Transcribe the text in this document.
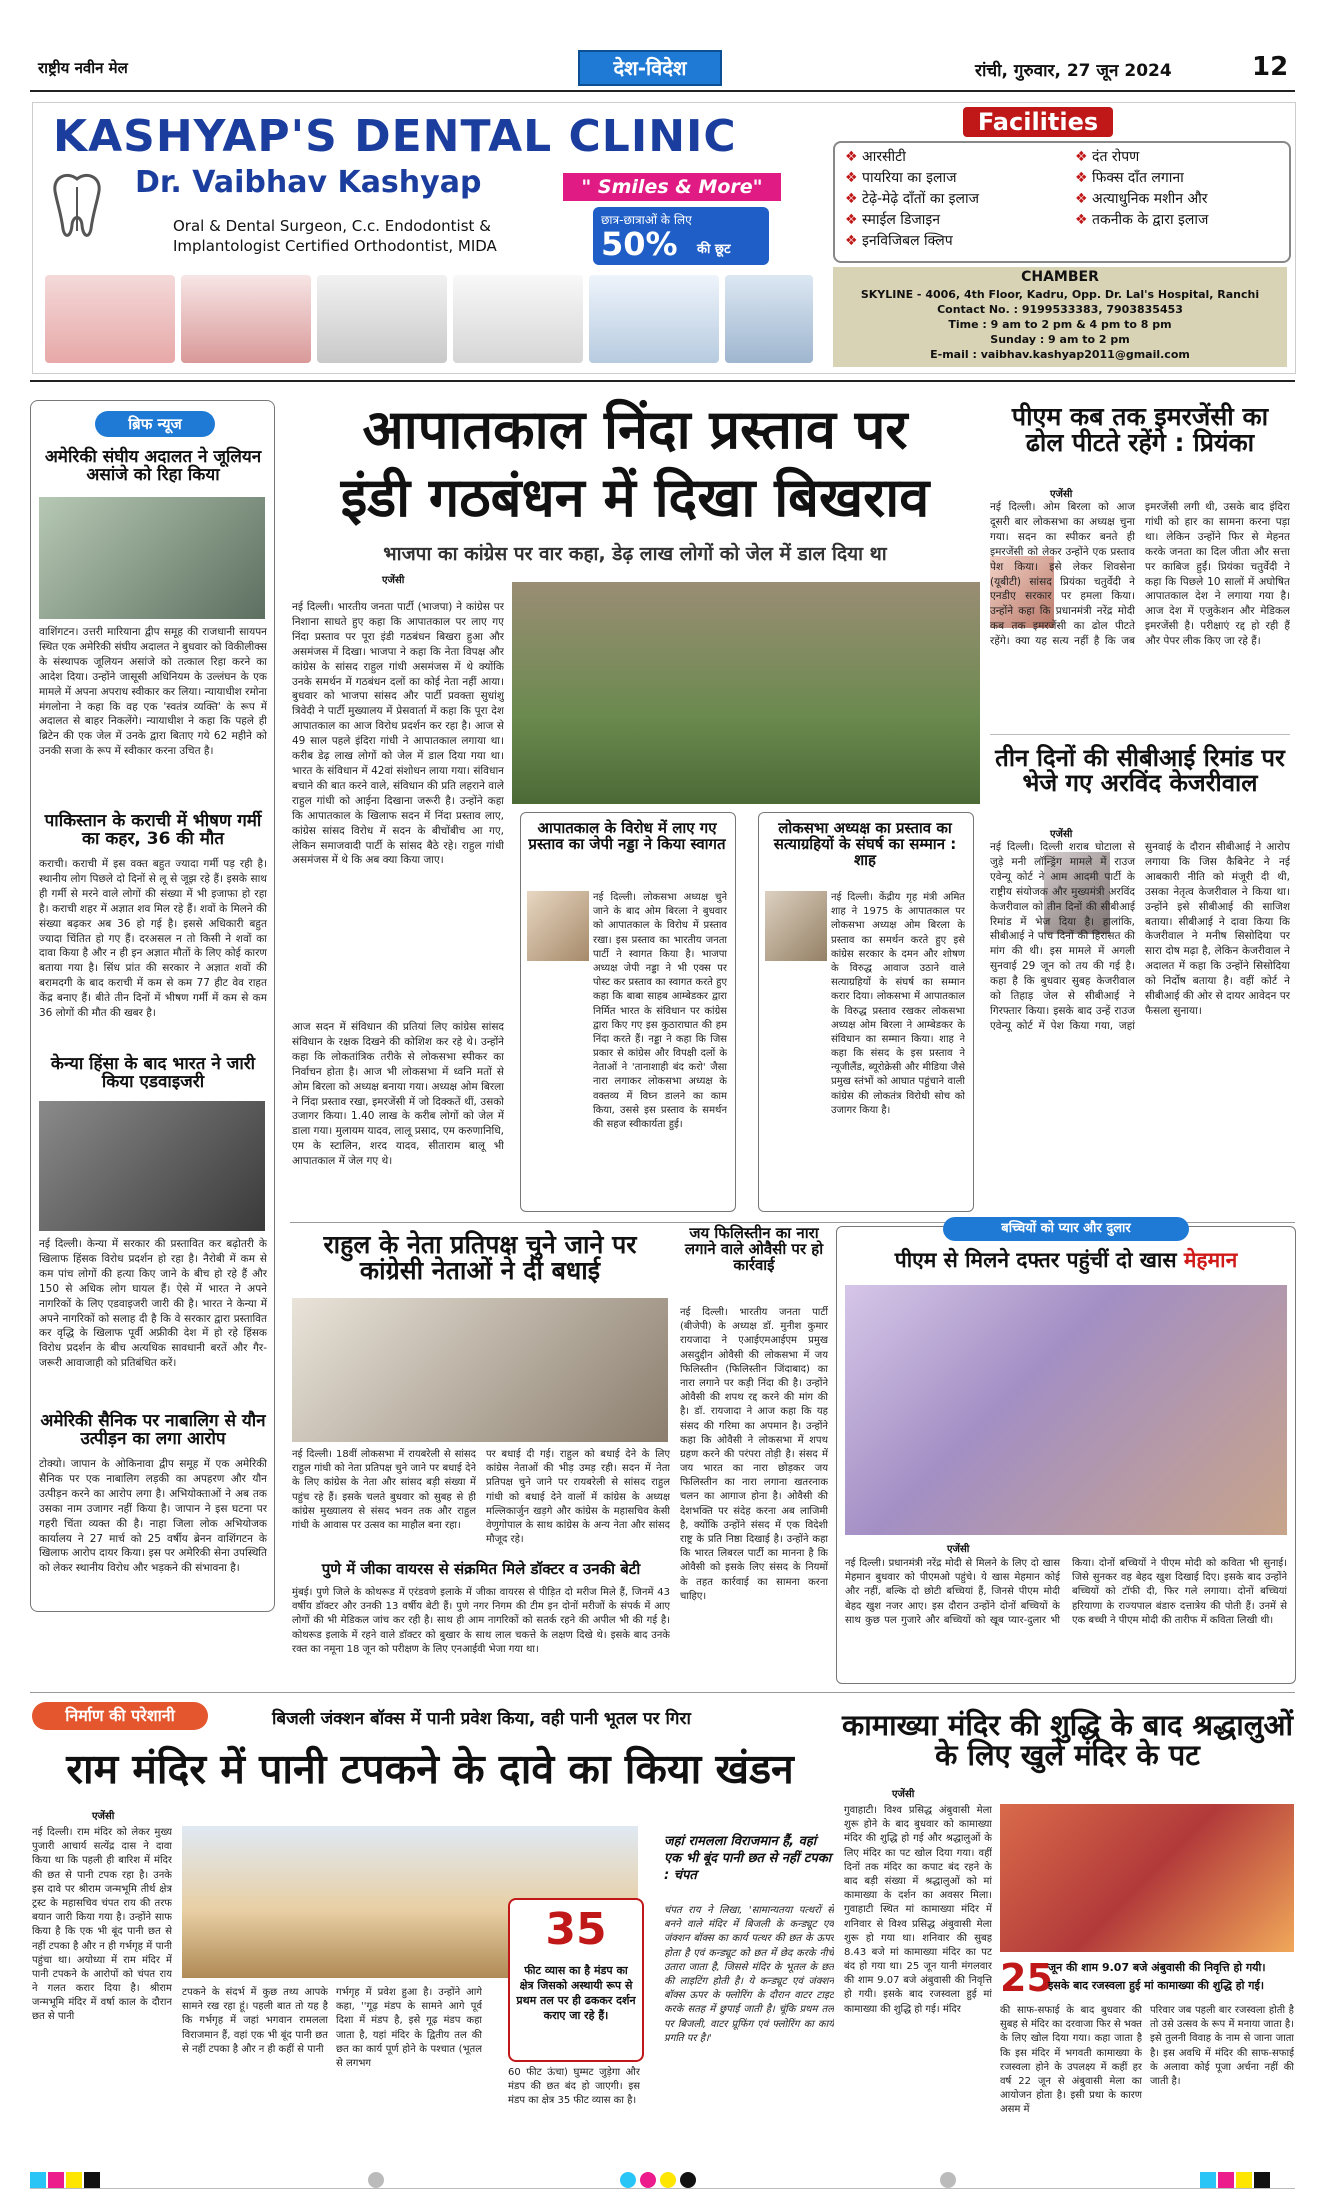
राष्ट्रीय नवीन मेल	देश-विदेश	रांची, गुरुवार, 27 जून 2024	12
KASHYAP'S DENTAL CLINIC
Dr. Vaibhav Kashyap	" Smiles & More"
Oral & Dental Surgeon, C.c. Endodontist &
Implantologist Certified Orthodontist, MIDA
छात्र-छात्राओं के लिए
50% की छूट
Facilities
❖ आरसीटी
❖ पायरिया का इलाज
❖ टेढ़े-मेढ़े दाँतों का इलाज
❖ स्माईल डिजाइन
❖ इनविजिबल क्लिप
❖ दंत रोपण
❖ फिक्स दाँत लगाना
❖ अत्याधुनिक मशीन और
❖ तकनीक के द्वारा इलाज
CHAMBER
SKYLINE - 4006, 4th Floor, Kadru, Opp. Dr. Lal's Hospital, Ranchi
Contact No. : 9199533383, 7903835453
Time : 9 am to 2 pm & 4 pm to 8 pm
Sunday : 9 am to 2 pm
E-mail : vaibhav.kashyap2011@gmail.com
ब्रिफ न्यूज
अमेरिकी संघीय अदालत ने जूलियन असांजे को रिहा किया
वाशिंगटन। उत्तरी मारियाना द्वीप समूह की राजधानी सायपन स्थित एक अमेरिकी संघीय अदालत ने बुधवार को विकीलीक्स के संस्थापक जूलियन असांजे को तत्काल रिहा करने का आदेश दिया। उन्होंने जासूसी अधिनियम के उल्लंघन के एक मामले में अपना अपराध स्वीकार कर लिया। न्यायाधीश रमोना मंगलोना ने कहा कि वह एक 'स्वतंत्र व्यक्ति' के रूप में अदालत से बाहर निकलेंगे। न्यायाधीश ने कहा कि पहले ही ब्रिटेन की एक जेल में उनके द्वारा बिताए गये 62 महीने को उनकी सजा के रूप में स्वीकार करना उचित है।
पाकिस्तान के कराची में भीषण गर्मी का कहर, 36 की मौत
कराची। कराची में इस वक्त बहुत ज्यादा गर्मी पड़ रही है। स्थानीय लोग पिछले दो दिनों से लू से जूझ रहे हैं। इसके साथ ही गर्मी से मरने वाले लोगों की संख्या में भी इजाफा हो रहा है। कराची शहर में अज्ञात शव मिल रहे हैं। शवों के मिलने की संख्या बढ़कर अब 36 हो गई है। इससे अधिकारी बहुत ज्यादा चिंतित हो गए हैं। दरअसल न तो किसी ने शवों का दावा किया है और न ही इन अज्ञात मौतों के लिए कोई कारण बताया गया है। सिंध प्रांत की सरकार ने अज्ञात शवों की बरामदगी के बाद कराची में कम से कम 77 हीट वेव राहत केंद्र बनाए हैं। बीते तीन दिनों में भीषण गर्मी में कम से कम 36 लोगों की मौत की खबर है।
केन्या हिंसा के बाद भारत ने जारी किया एडवाइजरी
नई दिल्ली। केन्या में सरकार की प्रस्तावित कर बढ़ोतरी के खिलाफ हिंसक विरोध प्रदर्शन हो रहा है। नैरोबी में कम से कम पांच लोगों की हत्या किए जाने के बीच हो रहे हैं और 150 से अधिक लोग घायल हैं। ऐसे में भारत ने अपने नागरिकों के लिए एडवाइजरी जारी की है। भारत ने केन्या में अपने नागरिकों को सलाह दी है कि वे सरकार द्वारा प्रस्तावित कर वृद्धि के खिलाफ पूर्वी अफ्रीकी देश में हो रहे हिंसक विरोध प्रदर्शन के बीच अत्यधिक सावधानी बरतें और गैर-जरूरी आवाजाही को प्रतिबंधित करें।
अमेरिकी सैनिक पर नाबालिग से यौन उत्पीड़न का लगा आरोप
टोक्यो। जापान के ओकिनावा द्वीप समूह में एक अमेरिकी सैनिक पर एक नाबालिग लड़की का अपहरण और यौन उत्पीड़न करने का आरोप लगा है। अभियोक्ताओं ने अब तक उसका नाम उजागर नहीं किया है। जापान ने इस घटना पर गहरी चिंता व्यक्त की है। नाहा जिला लोक अभियोजक कार्यालय ने 27 मार्च को 25 वर्षीय ब्रेनन वाशिंगटन के खिलाफ आरोप दायर किया। इस पर अमेरिकी सेना उपस्थिति को लेकर स्थानीय विरोध और भड़कने की संभावना है।
आपातकाल निंदा प्रस्ताव पर
इंडी गठबंधन में दिखा बिखराव
भाजपा का कांग्रेस पर वार कहा, डेढ़ लाख लोगों को जेल में डाल दिया था
एजेंसी
नई दिल्ली। भारतीय जनता पार्टी (भाजपा) ने कांग्रेस पर निशाना साधते हुए कहा कि आपातकाल पर लाए गए निंदा प्रस्ताव पर पूरा इंडी गठबंधन बिखरा हुआ और असमंजस में दिखा। भाजपा ने कहा कि नेता विपक्ष और कांग्रेस के सांसद राहुल गांधी असमंजस में थे क्योंकि उनके समर्थन में गठबंधन दलों का कोई नेता नहीं आया। बुधवार को भाजपा सांसद और पार्टी प्रवक्ता सुधांशु त्रिवेदी ने पार्टी मुख्यालय में प्रेसवार्ता में कहा कि पूरा देश आपातकाल का आज विरोध प्रदर्शन कर रहा है। आज से 49 साल पहले इंदिरा गांधी ने आपातकाल लगाया था। करीब डेढ़ लाख लोगों को जेल में डाल दिया गया था। भारत के संविधान में 42वां संशोधन लाया गया। संविधान बचाने की बात करने वाले, संविधान की प्रति लहराने वाले राहुल गांधी को आईना दिखाना जरूरी है। उन्होंने कहा कि आपातकाल के खिलाफ सदन में निंदा प्रस्ताव लाए, कांग्रेस सांसद विरोध में सदन के बीचोंबीच आ गए, लेकिन समाजवादी पार्टी के सांसद बैठे रहे। राहुल गांधी असमंजस में थे कि अब क्या किया जाए।
आज सदन में संविधान की प्रतियां लिए कांग्रेस सांसद संविधान के रक्षक दिखने की कोशिश कर रहे थे। उन्होंने कहा कि लोकतांत्रिक तरीके से लोकसभा स्पीकर का निर्वाचन होता है। आज भी लोकसभा में ध्वनि मतों से ओम बिरला को अध्यक्ष बनाया गया। अध्यक्ष ओम बिरला ने निंदा प्रस्ताव रखा, इमरजेंसी में जो दिक्कतें थीं, उसको उजागर किया। 1.40 लाख के करीब लोगों को जेल में डाला गया। मुलायम यादव, लालू प्रसाद, एम करुणानिधि, एम के स्टालिन, शरद यादव, सीताराम बालू भी आपातकाल में जेल गए थे।
आपातकाल के विरोध में लाए गए प्रस्ताव का जेपी नड्डा ने किया स्वागत
नई दिल्ली। लोकसभा अध्यक्ष चुने जाने के बाद ओम बिरला ने बुधवार को आपातकाल के विरोध में प्रस्ताव रखा। इस प्रस्ताव का भारतीय जनता पार्टी ने स्वागत किया है। भाजपा अध्यक्ष जेपी नड्डा ने भी एक्स पर पोस्ट कर प्रस्ताव का स्वागत करते हुए कहा कि बाबा साहब आम्बेडकर द्वारा निर्मित भारत के संविधान पर कांग्रेस द्वारा किए गए इस कुठाराघात की हम निंदा करते हैं। नड्डा ने कहा कि जिस प्रकार से कांग्रेस और विपक्षी दलों के नेताओं ने 'तानाशाही बंद करो' जैसा नारा लगाकर लोकसभा अध्यक्ष के वक्तव्य में विघ्न डालने का काम किया, उससे इस प्रस्ताव के समर्थन की सहज स्वीकार्यता हुई।
लोकसभा अध्यक्ष का प्रस्ताव का सत्याग्रहियों के संघर्ष का सम्मान : शाह
नई दिल्ली। केंद्रीय गृह मंत्री अमित शाह ने 1975 के आपातकाल पर लोकसभा अध्यक्ष ओम बिरला के प्रस्ताव का समर्थन करते हुए इसे कांग्रेस सरकार के दमन और शोषण के विरुद्ध आवाज उठाने वाले सत्याग्रहियों के संघर्ष का सम्मान करार दिया। लोकसभा में आपातकाल के विरुद्ध प्रस्ताव रखकर लोकसभा अध्यक्ष ओम बिरला ने आम्बेडकर के संविधान का सम्मान किया। शाह ने कहा कि संसद के इस प्रस्ताव ने न्यूजीलैंड, ब्यूरोक्रेसी और मीडिया जैसे प्रमुख स्तंभों को आघात पहुंचाने वाली कांग्रेस की लोकतंत्र विरोधी सोच को उजागर किया है।
पीएम कब तक इमरजेंसी का ढोल पीटते रहेंगे : प्रियंका
एजेंसी
नई दिल्ली। ओम बिरला को आज दूसरी बार लोकसभा का अध्यक्ष चुना गया। सदन का स्पीकर बनते ही इमरजेंसी को लेकर उन्होंने एक प्रस्ताव पेश किया। इसे लेकर शिवसेना (यूबीटी) सांसद प्रियंका चतुर्वेदी ने एनडीए सरकार पर हमला किया। उन्होंने कहा कि प्रधानमंत्री नरेंद्र मोदी कब तक इमरजेंसी का ढोल पीटते रहेंगे। क्या यह सत्य नहीं है कि जब इमरजेंसी लगी थी, उसके बाद इंदिरा गांधी को हार का सामना करना पड़ा था। लेकिन उन्होंने फिर से मेहनत करके जनता का दिल जीता और सत्ता पर काबिज हुईं। प्रियंका चतुर्वेदी ने कहा कि पिछले 10 सालों में अघोषित आपातकाल देश ने लगाया गया है। आज देश में एजुकेशन और मेडिकल इमरजेंसी है। परीक्षाएं रद्द हो रही हैं और पेपर लीक किए जा रहे हैं।
तीन दिनों की सीबीआई रिमांड पर भेजे गए अरविंद केजरीवाल
एजेंसी
नई दिल्ली। दिल्ली शराब घोटाला से जुड़े मनी लॉन्ड्रिंग मामले में राउज एवेन्यू कोर्ट ने आम आदमी पार्टी के राष्ट्रीय संयोजक और मुख्यमंत्री अरविंद केजरीवाल को तीन दिनों की सीबीआई रिमांड में भेज दिया है। हालांकि, सीबीआई ने पांच दिनों की हिरासत की मांग की थी। इस मामले में अगली सुनवाई 29 जून को तय की गई है। कहा है कि बुधवार सुबह केजरीवाल को तिहाड़ जेल से सीबीआई ने गिरफ्तार किया। इसके बाद उन्हें राउज एवेन्यू कोर्ट में पेश किया गया, जहां सुनवाई के दौरान सीबीआई ने आरोप लगाया कि जिस कैबिनेट ने नई आबकारी नीति को मंजूरी दी थी, उसका नेतृत्व केजरीवाल ने किया था। उन्होंने इसे सीबीआई की साजिश बताया। सीबीआई ने दावा किया कि केजरीवाल ने मनीष सिसोदिया पर सारा दोष मढ़ा है, लेकिन केजरीवाल ने अदालत में कहा कि उन्होंने सिसोदिया को निर्दोष बताया है। वहीं कोर्ट ने सीबीआई की ओर से दायर आवेदन पर फैसला सुनाया।
राहुल के नेता प्रतिपक्ष चुने जाने पर कांग्रेसी नेताओं ने दी बधाई
नई दिल्ली। 18वीं लोकसभा में रायबरेली से सांसद राहुल गांधी को नेता प्रतिपक्ष चुने जाने पर बधाई देने के लिए कांग्रेस के नेता और सांसद बड़ी संख्या में पहुंच रहे हैं। इसके चलते बुधवार को सुबह से ही कांग्रेस मुख्यालय से संसद भवन तक और राहुल गांधी के आवास पर उत्सव का माहौल बना रहा।
पर बधाई दी गई। राहुल को बधाई देने के लिए कांग्रेस नेताओं की भीड़ उमड़ रही। सदन में नेता प्रतिपक्ष चुने जाने पर रायबरेली से सांसद राहुल गांधी को बधाई देने वालों में कांग्रेस के अध्यक्ष मल्लिकार्जुन खड़गे और कांग्रेस के महासचिव केसी वेणुगोपाल के साथ कांग्रेस के अन्य नेता और सांसद मौजूद रहे।
पुणे में जीका वायरस से संक्रमित मिले डॉक्टर व उनकी बेटी
मुंबई। पुणे जिले के कोथरूड में एरंडवणे इलाके में जीका वायरस से पीड़ित दो मरीज मिले हैं, जिनमें 43 वर्षीय डॉक्टर और उनकी 13 वर्षीय बेटी हैं। पुणे नगर निगम की टीम इन दोनों मरीजों के संपर्क में आए लोगों की भी मेडिकल जांच कर रही है। साथ ही आम नागरिकों को सतर्क रहने की अपील भी की गई है। कोथरूड इलाके में रहने वाले डॉक्टर को बुखार के साथ लाल चकत्ते के लक्षण दिखे थे। इसके बाद उनके रक्त का नमूना 18 जून को परीक्षण के लिए एनआईवी भेजा गया था।
जय फिलिस्तीन का नारा लगाने वाले ओवैसी पर हो कार्रवाई
नई दिल्ली। भारतीय जनता पार्टी (बीजेपी) के अध्यक्ष डॉ. मुनीश कुमार रायजादा ने एआईएमआईएम प्रमुख असदुद्दीन ओवैसी की लोकसभा में जय फिलिस्तीन (फिलिस्तीन जिंदाबाद) का नारा लगाने पर कड़ी निंदा की है। उन्होंने ओवैसी की शपथ रद्द करने की मांग की है। डॉ. रायजादा ने आज कहा कि यह संसद की गरिमा का अपमान है। उन्होंने कहा कि ओवैसी ने लोकसभा में शपथ ग्रहण करने की परंपरा तोड़ी है। संसद में जय भारत का नारा छोड़कर जय फिलिस्तीन का नारा लगाना खतरनाक चलन का आगाज होना है। ओवैसी की देशभक्ति पर संदेह करना अब लाजिमी है, क्योंकि उन्होंने संसद में एक विदेशी राष्ट्र के प्रति निष्ठा दिखाई है। उन्होंने कहा कि भारत लिबरल पार्टी का मानना है कि ओवैसी को इसके लिए संसद के नियमों के तहत कार्रवाई का सामना करना चाहिए।
बच्चियों को प्यार और दुलार
पीएम से मिलने दफ्तर पहुंचीं दो खास मेहमान
एजेंसी
नई दिल्ली। प्रधानमंत्री नरेंद्र मोदी से मिलने के लिए दो खास मेहमान बुधवार को पीएमओ पहुंचे। ये खास मेहमान कोई और नहीं, बल्कि दो छोटी बच्चियां हैं, जिनसे पीएम मोदी बेहद खुश नजर आए। इस दौरान उन्होंने दोनों बच्चियों के साथ कुछ पल गुजारे और बच्चियों को खूब प्यार-दुलार भी किया। दोनों बच्चियों ने पीएम मोदी को कविता भी सुनाई। जिसे सुनकर वह बेहद खुश दिखाई दिए। इसके बाद उन्होंने बच्चियों को टॉफी दी, फिर गले लगाया। दोनों बच्चियां हरियाणा के राज्यपाल बंडारु दत्तात्रेय की पोती हैं। उनमें से एक बच्ची ने पीएम मोदी की तारीफ में कविता लिखी थी।
निर्माण की परेशानी	बिजली जंक्शन बॉक्स में पानी प्रवेश किया, वही पानी भूतल पर गिरा
राम मंदिर में पानी टपकने के दावे का किया खंडन
एजेंसी
नई दिल्ली। राम मंदिर को लेकर मुख्य पुजारी आचार्य सत्येंद्र दास ने दावा किया था कि पहली ही बारिश में मंदिर की छत से पानी टपक रहा है। उनके इस दावे पर श्रीराम जन्मभूमि तीर्थ क्षेत्र ट्रस्ट के महासचिव चंपत राय की तरफ बयान जारी किया गया है। उन्होंने साफ किया है कि एक भी बूंद पानी छत से नहीं टपका है और न ही गर्भगृह में पानी पहुंचा था। अयोध्या में राम मंदिर में पानी टपकने के आरोपों को चंपत राय ने गलत करार दिया है। श्रीराम जन्मभूमि मंदिर में वर्षा काल के दौरान छत से पानी
टपकने के संदर्भ में कुछ तथ्य आपके सामने रख रहा हूं। पहली बात तो यह है कि गर्भगृह में जहां भगवान रामलला विराजमान हैं, वहां एक भी बूंद पानी छत से नहीं टपका है और न ही कहीं से पानी
गर्भगृह में प्रवेश हुआ है। उन्होंने आगे कहा, ''गूढ़ मंडप के सामने आगे पूर्व दिशा में मंडप है, इसे गूढ़ मंडप कहा जाता है, यहां मंदिर के द्वितीय तल की छत का कार्य पूर्ण होने के पश्चात (भूतल से लगभग
35
फीट व्यास का है मंडप का क्षेत्र जिसको अस्थायी रूप से प्रथम तल पर ही ढककर दर्शन कराए जा रहे हैं।
60 फीट ऊंचा) घुम्मट जुड़ेगा और मंडप की छत बंद हो जाएगी। इस मंडप का क्षेत्र 35 फीट व्यास का है।
जहां रामलला विराजमान हैं, वहां एक भी बूंद पानी छत से नहीं टपका : चंपत
चंपत राय ने लिखा, 'सामान्यतया पत्थरों से बनने वाले मंदिर में बिजली के कन्ड्यूट एवं जंक्शन बॉक्स का कार्य पत्थर की छत के ऊपर होता है एवं कन्ड्यूट को छत में छेद करके नीचे उतारा जाता है, जिससे मंदिर के भूतल के छत की लाइटिंग होती है। ये कन्ड्यूट एवं जंक्शन बॉक्स ऊपर के फ्लोरिंग के दौरान वाटर टाइट करके सतह में छुपाई जाती है। चूंकि प्रथम तल पर बिजली, वाटर प्रूफिंग एवं फ्लोरिंग का कार्य प्रगति पर है।'
कामाख्या मंदिर की शुद्धि के बाद श्रद्धालुओं के लिए खुले मंदिर के पट
एजेंसी
गुवाहाटी। विश्व प्रसिद्ध अंबुवासी मेला शुरू होने के बाद बुधवार को कामाख्या मंदिर की शुद्धि हो गई और श्रद्धालुओं के लिए मंदिर का पट खोल दिया गया। वहीं दिनों तक मंदिर का कपाट बंद रहने के बाद बड़ी संख्या में श्रद्धालुओं को मां कामाख्या के दर्शन का अवसर मिला। गुवाहाटी स्थित मां कामाख्या मंदिर में शनिवार से विश्व प्रसिद्ध अंबुवासी मेला शुरू हो गया था। शनिवार की सुबह 8.43 बजे मां कामाख्या मंदिर का पट बंद हो गया था। 25 जून यानी मंगलवार की शाम 9.07 बजे अंबुवासी की निवृत्ति हो गयी। इसके बाद रजस्वला हुई मां कामाख्या की शुद्धि हो गई। मंदिर
25
जून की शाम 9.07 बजे अंबुवासी की निवृत्ति हो गयी।
इसके बाद रजस्वला हुई मां कामाख्या की शुद्धि हो गई।
की साफ-सफाई के बाद बुधवार की सुबह से मंदिर का दरवाजा फिर से भक्त के लिए खोल दिया गया। कहा जाता है कि इस मंदिर में भगवती कामाख्या के रजस्वला होने के उपलक्ष्य में कहीं हर वर्ष 22 जून से अंबुवासी मेला का आयोजन होता है। इसी प्रथा के कारण असम में
परिवार जब पहली बार रजस्वला होती है तो उसे उत्सव के रूप में मनाया जाता है। इसे तुलनी विवाह के नाम से जाना जाता है। इस अवधि में मंदिर की साफ-सफाई के अलावा कोई पूजा अर्चना नहीं की जाती है।
